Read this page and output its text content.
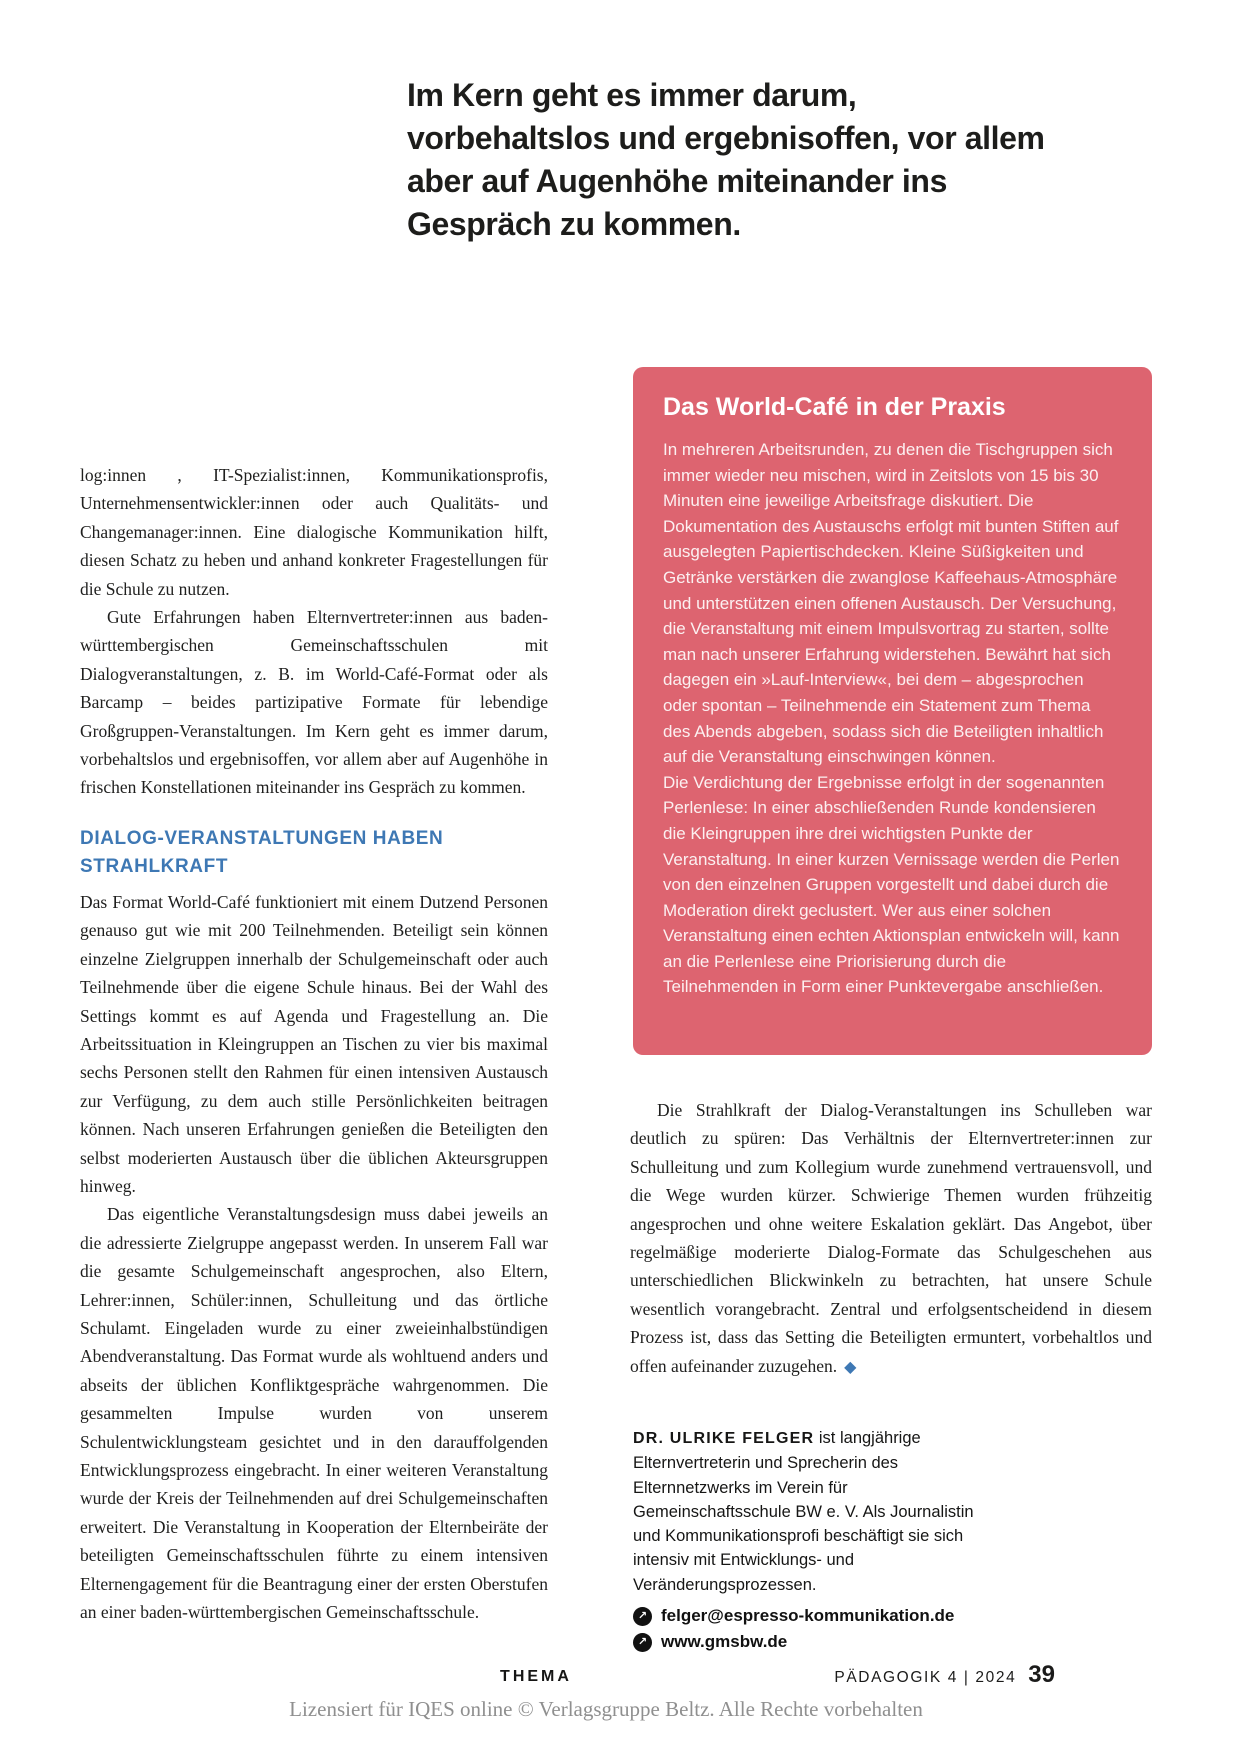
Im Kern geht es immer darum, vorbehaltslos und ergebnisoffen, vor allem aber auf Augenhöhe miteinander ins Gespräch zu kommen.

log:innen , IT-Spezialist:innen, Kommunikationsprofis, Unternehmensentwickler:innen oder auch Qualitäts- und Changemanager:innen. Eine dialogische Kommunikation hilft, diesen Schatz zu heben und anhand konkreter Fragestellungen für die Schule zu nutzen.

Gute Erfahrungen haben Elternvertreter:innen aus baden-württembergischen Gemeinschaftsschulen mit Dialogveranstaltungen, z. B. im World-Café-Format oder als Barcamp – beides partizipative Formate für lebendige Großgruppen-Veranstaltungen. Im Kern geht es immer darum, vorbehaltslos und ergebnisoffen, vor allem aber auf Augenhöhe in frischen Konstellationen miteinander ins Gespräch zu kommen.

DIALOG-VERANSTALTUNGEN HABEN STRAHLKRAFT

Das Format World-Café funktioniert mit einem Dutzend Personen genauso gut wie mit 200 Teilnehmenden. Beteiligt sein können einzelne Zielgruppen innerhalb der Schulgemeinschaft oder auch Teilnehmende über die eigene Schule hinaus. Bei der Wahl des Settings kommt es auf Agenda und Fragestellung an. Die Arbeitssituation in Kleingruppen an Tischen zu vier bis maximal sechs Personen stellt den Rahmen für einen intensiven Austausch zur Verfügung, zu dem auch stille Persönlichkeiten beitragen können. Nach unseren Erfahrungen genießen die Beteiligten den selbst moderierten Austausch über die üblichen Akteursgruppen hinweg.

Das eigentliche Veranstaltungsdesign muss dabei jeweils an die adressierte Zielgruppe angepasst werden. In unserem Fall war die gesamte Schulgemeinschaft angesprochen, also Eltern, Lehrer:innen, Schüler:innen, Schulleitung und das örtliche Schulamt. Eingeladen wurde zu einer zweieinhalbstündigen Abendveranstaltung. Das Format wurde als wohltuend anders und abseits der üblichen Konfliktgespräche wahrgenommen. Die gesammelten Impulse wurden von unserem Schulentwicklungsteam gesichtet und in den darauffolgenden Entwicklungsprozess eingebracht. In einer weiteren Veranstaltung wurde der Kreis der Teilnehmenden auf drei Schulgemeinschaften erweitert. Die Veranstaltung in Kooperation der Elternbeiräte der beteiligten Gemeinschaftsschulen führte zu einem intensiven Elternengagement für die Beantragung einer der ersten Oberstufen an einer baden-württembergischen Gemeinschaftsschule.

Das World-Café in der Praxis

In mehreren Arbeitsrunden, zu denen die Tischgruppen sich immer wieder neu mischen, wird in Zeitslots von 15 bis 30 Minuten eine jeweilige Arbeitsfrage diskutiert. Die Dokumentation des Austauschs erfolgt mit bunten Stiften auf ausgelegten Papiertischdecken. Kleine Süßigkeiten und Getränke verstärken die zwanglose Kaffeehaus-Atmosphäre und unterstützen einen offenen Austausch. Der Versuchung, die Veranstaltung mit einem Impulsvortrag zu starten, sollte man nach unserer Erfahrung widerstehen. Bewährt hat sich dagegen ein »Lauf-Interview«, bei dem – abgesprochen oder spontan – Teilnehmende ein Statement zum Thema des Abends abgeben, sodass sich die Beteiligten inhaltlich auf die Veranstaltung einschwingen können.

Die Verdichtung der Ergebnisse erfolgt in der sogenannten Perlenlese: In einer abschließenden Runde kondensieren die Kleingruppen ihre drei wichtigsten Punkte der Veranstaltung. In einer kurzen Vernissage werden die Perlen von den einzelnen Gruppen vorgestellt und dabei durch die Moderation direkt geclustert. Wer aus einer solchen Veranstaltung einen echten Aktionsplan entwickeln will, kann an die Perlenlese eine Priorisierung durch die Teilnehmenden in Form einer Punktevergabe anschließen.

Die Strahlkraft der Dialog-Veranstaltungen ins Schulleben war deutlich zu spüren: Das Verhältnis der Elternvertreter:innen zur Schulleitung und zum Kollegium wurde zunehmend vertrauensvoll, und die Wege wurden kürzer. Schwierige Themen wurden frühzeitig angesprochen und ohne weitere Eskalation geklärt. Das Angebot, über regelmäßige moderierte Dialog-Formate das Schulgeschehen aus unterschiedlichen Blickwinkeln zu betrachten, hat unsere Schule wesentlich vorangebracht. Zentral und erfolgsentscheidend in diesem Prozess ist, dass das Setting die Beteiligten ermuntert, vorbehaltlos und offen aufeinander zuzugehen. ◆

DR. ULRIKE FELGER ist langjährige Elternvertreterin und Sprecherin des Elternnetzwerks im Verein für Gemeinschaftsschule BW e. V. Als Journalistin und Kommunikationsprofi beschäftigt sie sich intensiv mit Entwicklungs- und Veränderungsprozessen.

↗ felger@espresso-kommunikation.de
↗ www.gmsbw.de
THEMA	PÄDAGOGIK 4 | 2024 39
Lizensiert für IQES online © Verlagsgruppe Beltz. Alle Rechte vorbehalten
